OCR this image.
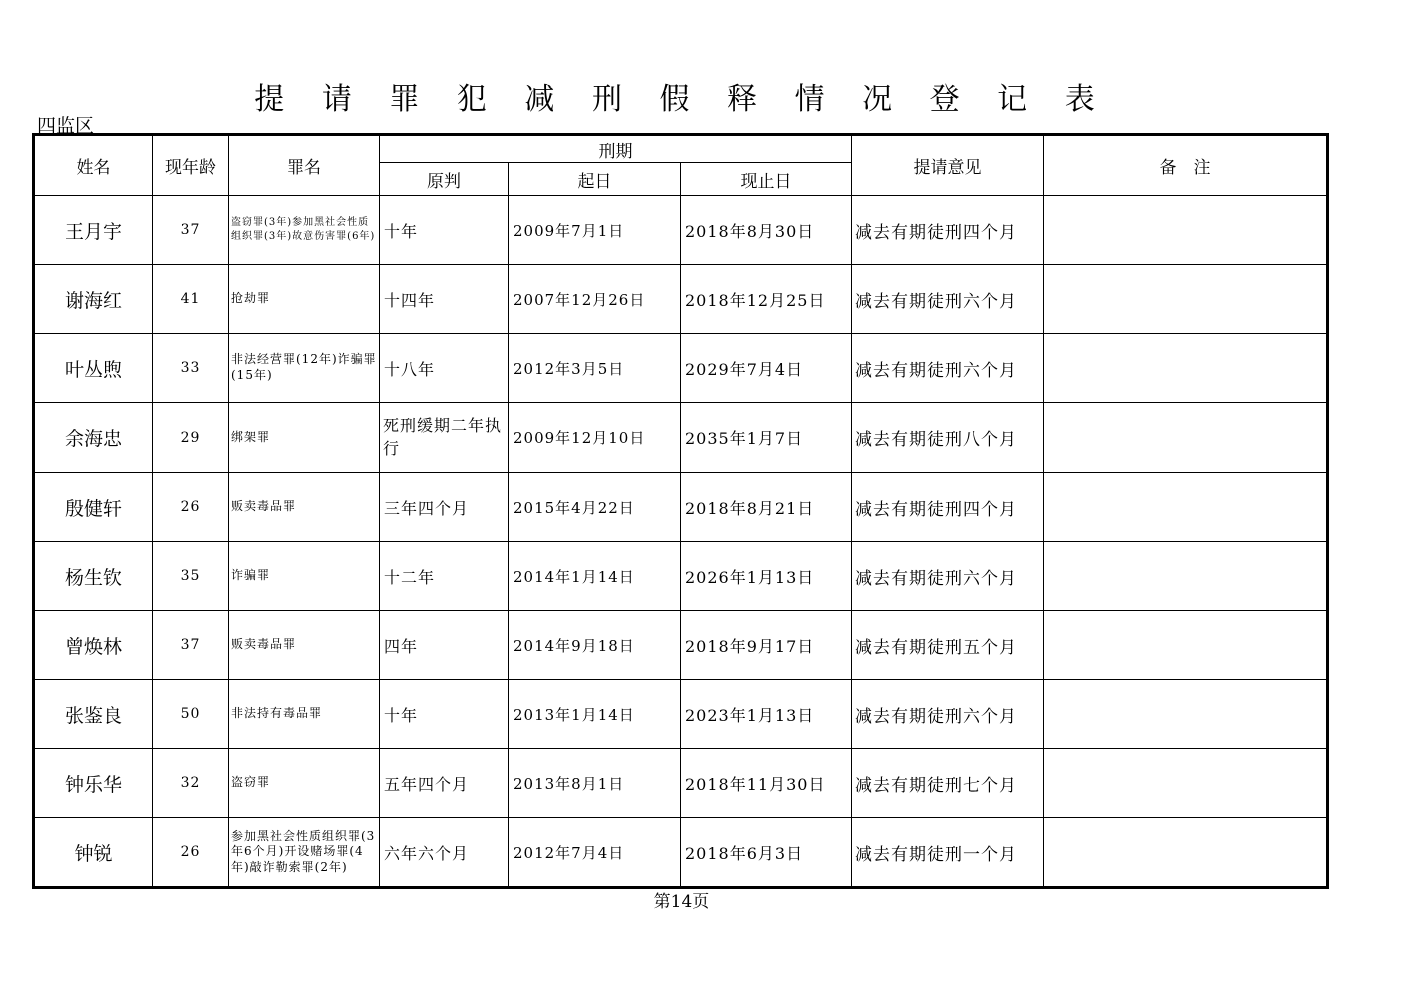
提 请 罪 犯 减 刑 假 释 情 况 登 记 表
四监区
姓名	现年龄	罪名	刑期			提请意见	备　注
			原判	起日	现止日		
王月宇	37	盗窃罪(3年)参加黑社会性质组织罪(3年)故意伤害罪(6年)	十年	2009年7月1日	2018年8月30日	减去有期徒刑四个月	
谢海红	41	抢劫罪	十四年	2007年12月26日	2018年12月25日	减去有期徒刑六个月	
叶丛煦	33	非法经营罪(12年)诈骗罪(15年)	十八年	2012年3月5日	2029年7月4日	减去有期徒刑六个月	
余海忠	29	绑架罪	死刑缓期二年执行	2009年12月10日	2035年1月7日	减去有期徒刑八个月	
殷健轩	26	贩卖毒品罪	三年四个月	2015年4月22日	2018年8月21日	减去有期徒刑四个月	
杨生钦	35	诈骗罪	十二年	2014年1月14日	2026年1月13日	减去有期徒刑六个月	
曾焕林	37	贩卖毒品罪	四年	2014年9月18日	2018年9月17日	减去有期徒刑五个月	
张鉴良	50	非法持有毒品罪	十年	2013年1月14日	2023年1月13日	减去有期徒刑六个月	
钟乐华	32	盗窃罪	五年四个月	2013年8月1日	2018年11月30日	减去有期徒刑七个月	
钟锐	26	参加黑社会性质组织罪(3年6个月)开设赌场罪(4年)敲诈勒索罪(2年)	六年六个月	2012年7月4日	2018年6月3日	减去有期徒刑一个月	
第14页
